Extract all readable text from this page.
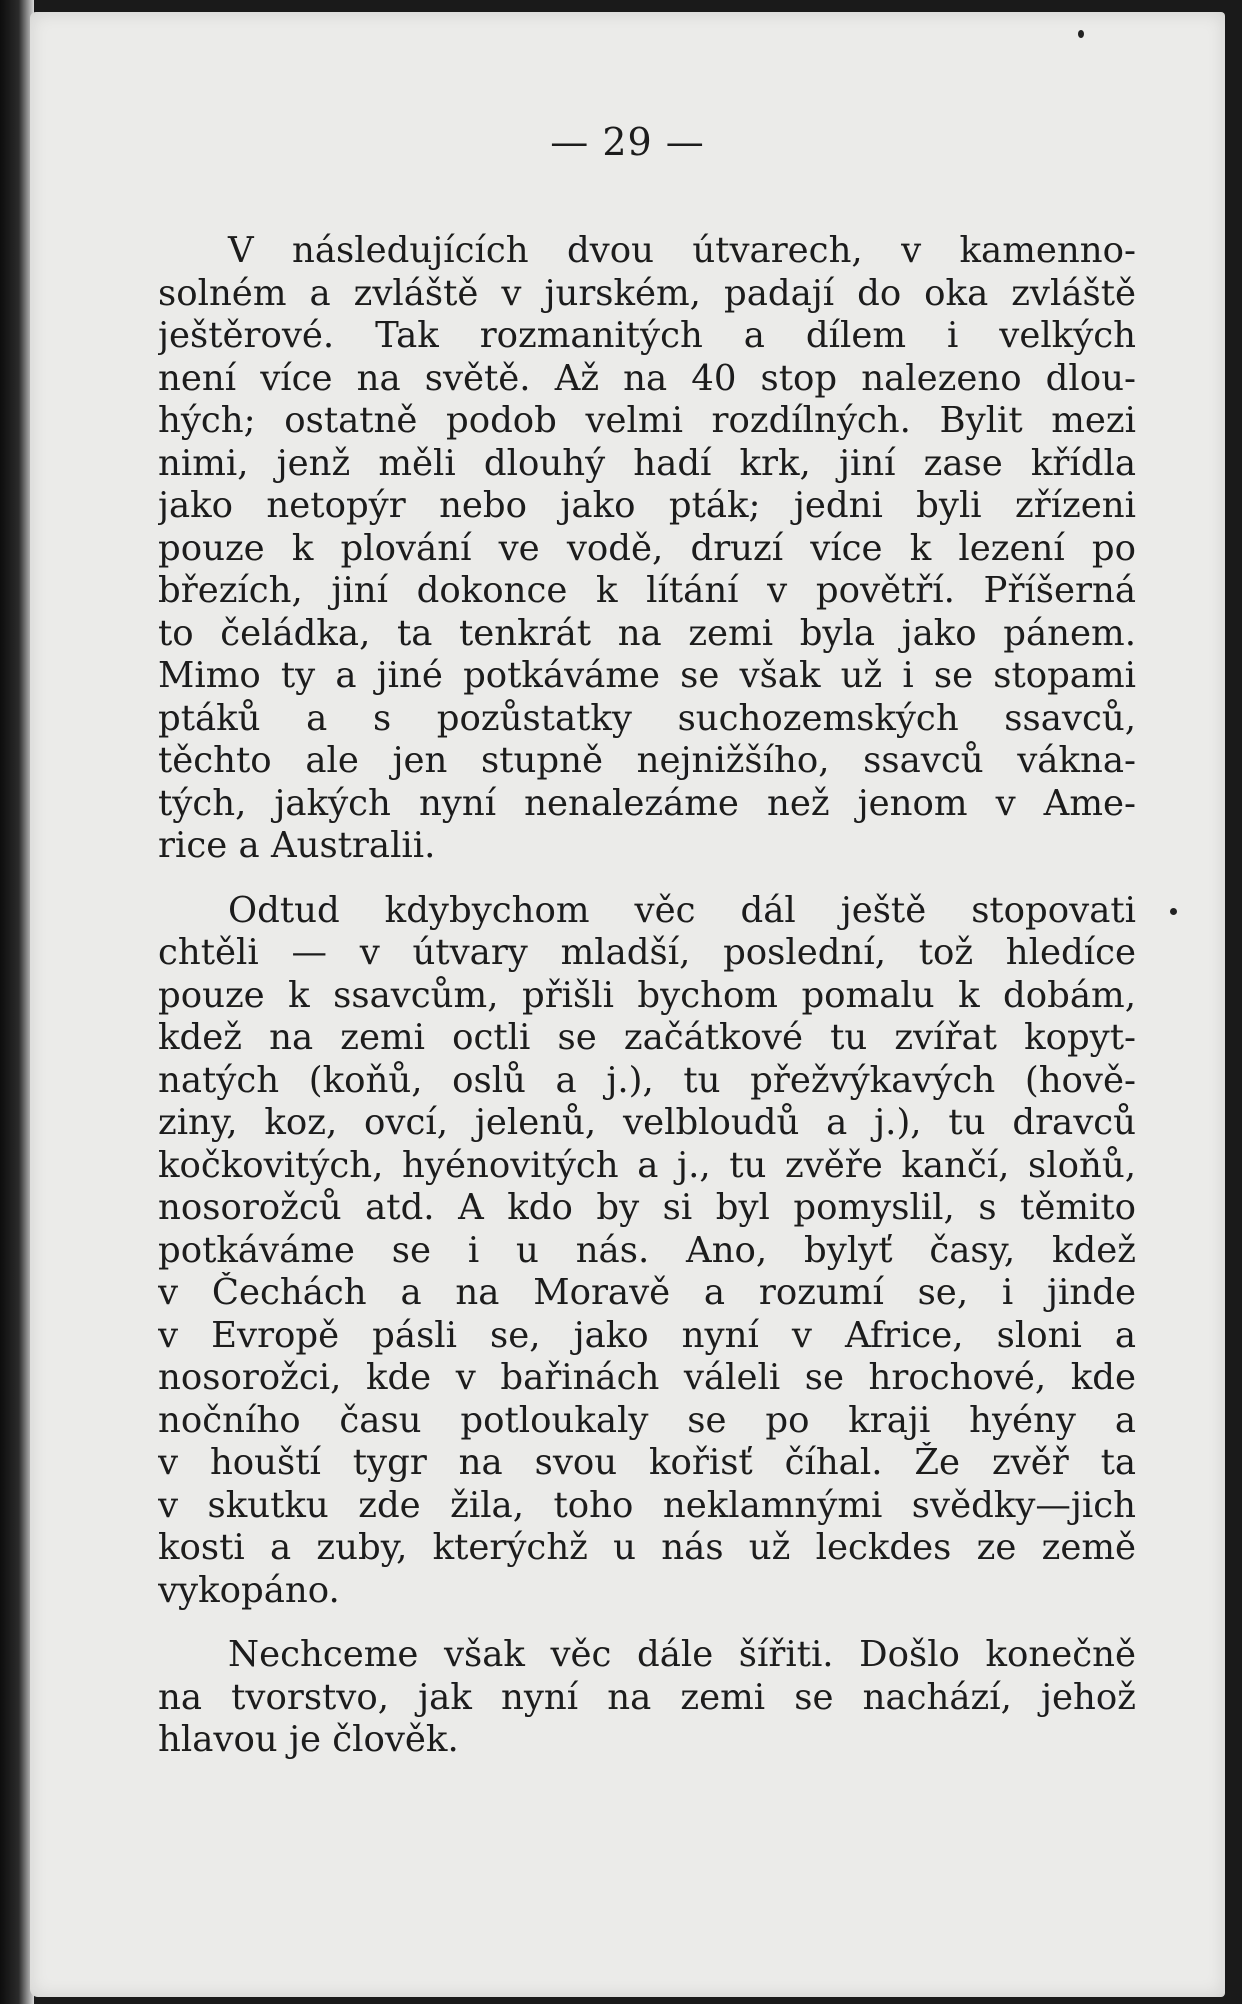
— 29 —
V následujících dvou útvarech, v kamenno-
solném a zvláště v jurském, padají do oka zvláště
ještěrové. Tak rozmanitých a dílem i velkých
není více na světě. Až na 40 stop nalezeno dlou-
hých; ostatně podob velmi rozdílných. Bylit mezi
nimi, jenž měli dlouhý hadí krk, jiní zase křídla
jako netopýr nebo jako pták; jedni byli zřízeni
pouze k plování ve vodě, druzí více k lezení po
březích, jiní dokonce k lítání v povětří. Příšerná
to čeládka, ta tenkrát na zemi byla jako pánem.
Mimo ty a jiné potkáváme se však už i se stopami
ptáků a s pozůstatky suchozemských ssavců,
těchto ale jen stupně nejnižšího, ssavců vákna-
tých, jakých nyní nenalezáme než jenom v Ame-
rice a Australii.
Odtud kdybychom věc dál ještě stopovati
chtěli — v útvary mladší, poslední, tož hledíce
pouze k ssavcům, přišli bychom pomalu k dobám,
kdež na zemi octli se začátkové tu zvířat kopyt-
natých (koňů, oslů a j.), tu přežvýkavých (hově-
ziny, koz, ovcí, jelenů, velbloudů a j.), tu dravců
kočkovitých, hyénovitých a j., tu zvěře kančí, sloňů,
nosorožců atd. A kdo by si byl pomyslil, s těmito
potkáváme se i u nás. Ano, bylyť časy, kdež
v Čechách a na Moravě a rozumí se, i jinde
v Evropě pásli se, jako nyní v Africe, sloni a
nosorožci, kde v bařinách váleli se hrochové, kde
nočního času potloukaly se po kraji hyény a
v houští tygr na svou kořisť číhal. Že zvěř ta
v skutku zde žila, toho neklamnými svědky—jich
kosti a zuby, kterýchž u nás už leckdes ze země
vykopáno.
Nechceme však věc dále šířiti. Došlo konečně
na tvorstvo, jak nyní na zemi se nachází, jehož
hlavou je člověk.
